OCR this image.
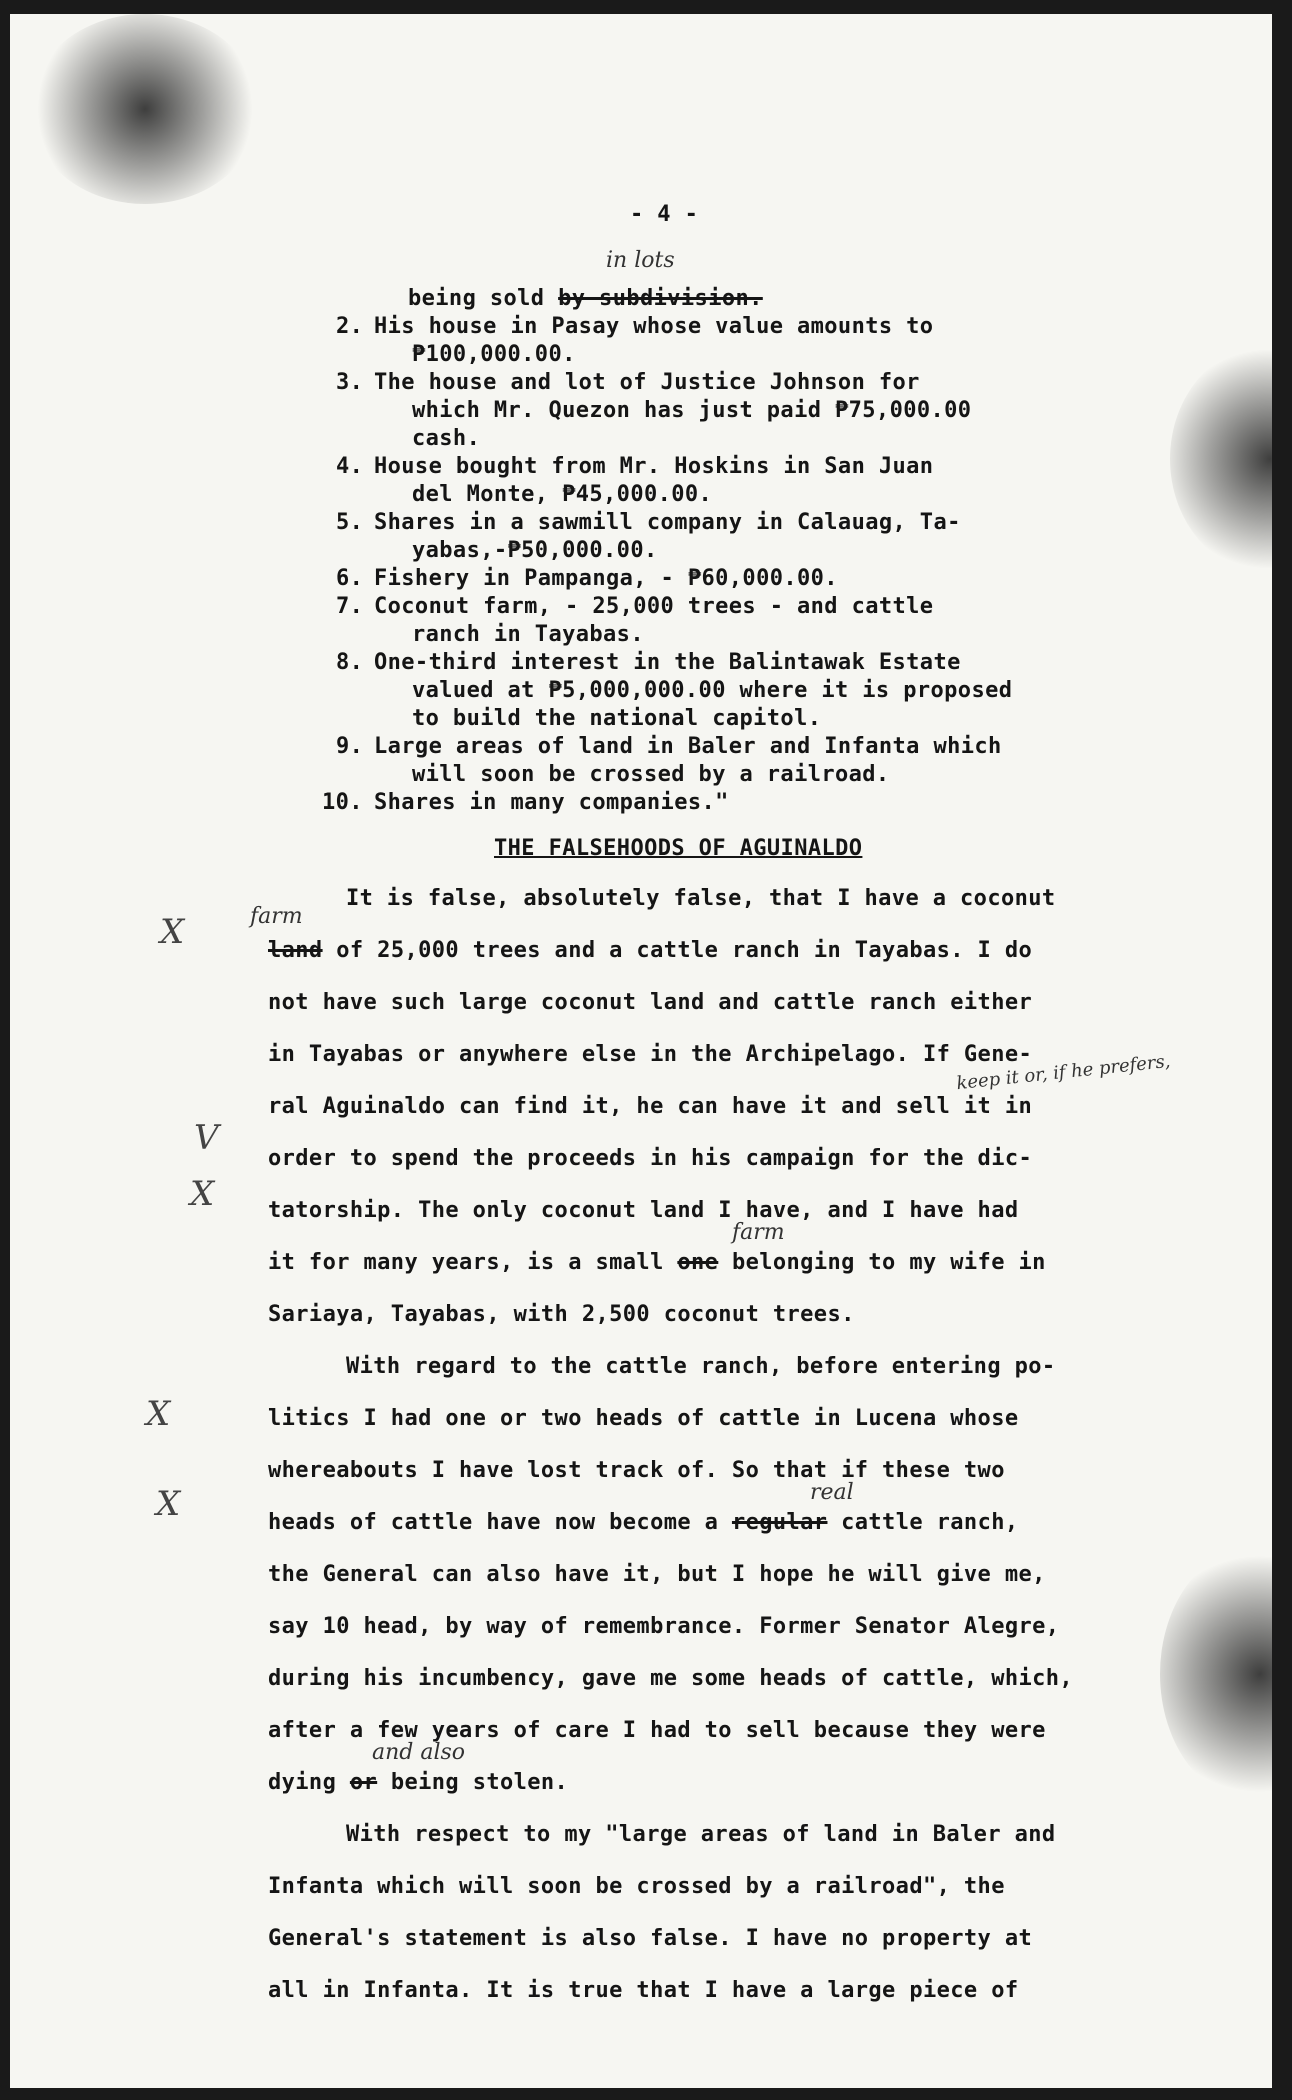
- 4 -
being sold by subdivision.
2. His house in Pasay whose value amounts to
₱100,000.00.
3. The house and lot of Justice Johnson for
which Mr. Quezon has just paid ₱75,000.00
cash.
4. House bought from Mr. Hoskins in San Juan
del Monte, ₱45,000.00.
5. Shares in a sawmill company in Calauag, Ta-
yabas,-₱50,000.00.
6. Fishery in Pampanga, - ₱60,000.00.
7. Coconut farm, - 25,000 trees - and cattle
ranch in Tayabas.
8. One-third interest in the Balintawak Estate
valued at ₱5,000,000.00 where it is proposed
to build the national capitol.
9. Large areas of land in Baler and Infanta which
will soon be crossed by a railroad.
10. Shares in many companies."
THE FALSEHOODS OF AGUINALDO
It is false, absolutely false, that I have a coconut
land of 25,000 trees and a cattle ranch in Tayabas. I do
not have such large coconut land and cattle ranch either
in Tayabas or anywhere else in the Archipelago. If Gene-
ral Aguinaldo can find it, he can have it and sell it in
order to spend the proceeds in his campaign for the dic-
tatorship. The only coconut land I have, and I have had
it for many years, is a small one belonging to my wife in
Sariaya, Tayabas, with 2,500 coconut trees.
With regard to the cattle ranch, before entering po-
litics I had one or two heads of cattle in Lucena whose
whereabouts I have lost track of. So that if these two
heads of cattle have now become a regular cattle ranch,
the General can also have it, but I hope he will give me,
say 10 head, by way of remembrance. Former Senator Alegre,
during his incumbency, gave me some heads of cattle, which,
after a few years of care I had to sell because they were
dying or being stolen.
With respect to my "large areas of land in Baler and
Infanta which will soon be crossed by a railroad", the
General's statement is also false. I have no property at
all in Infanta. It is true that I have a large piece of
in lots
farm
keep it or, if he prefers,
farm
real
and also
X
V
X
X
X
